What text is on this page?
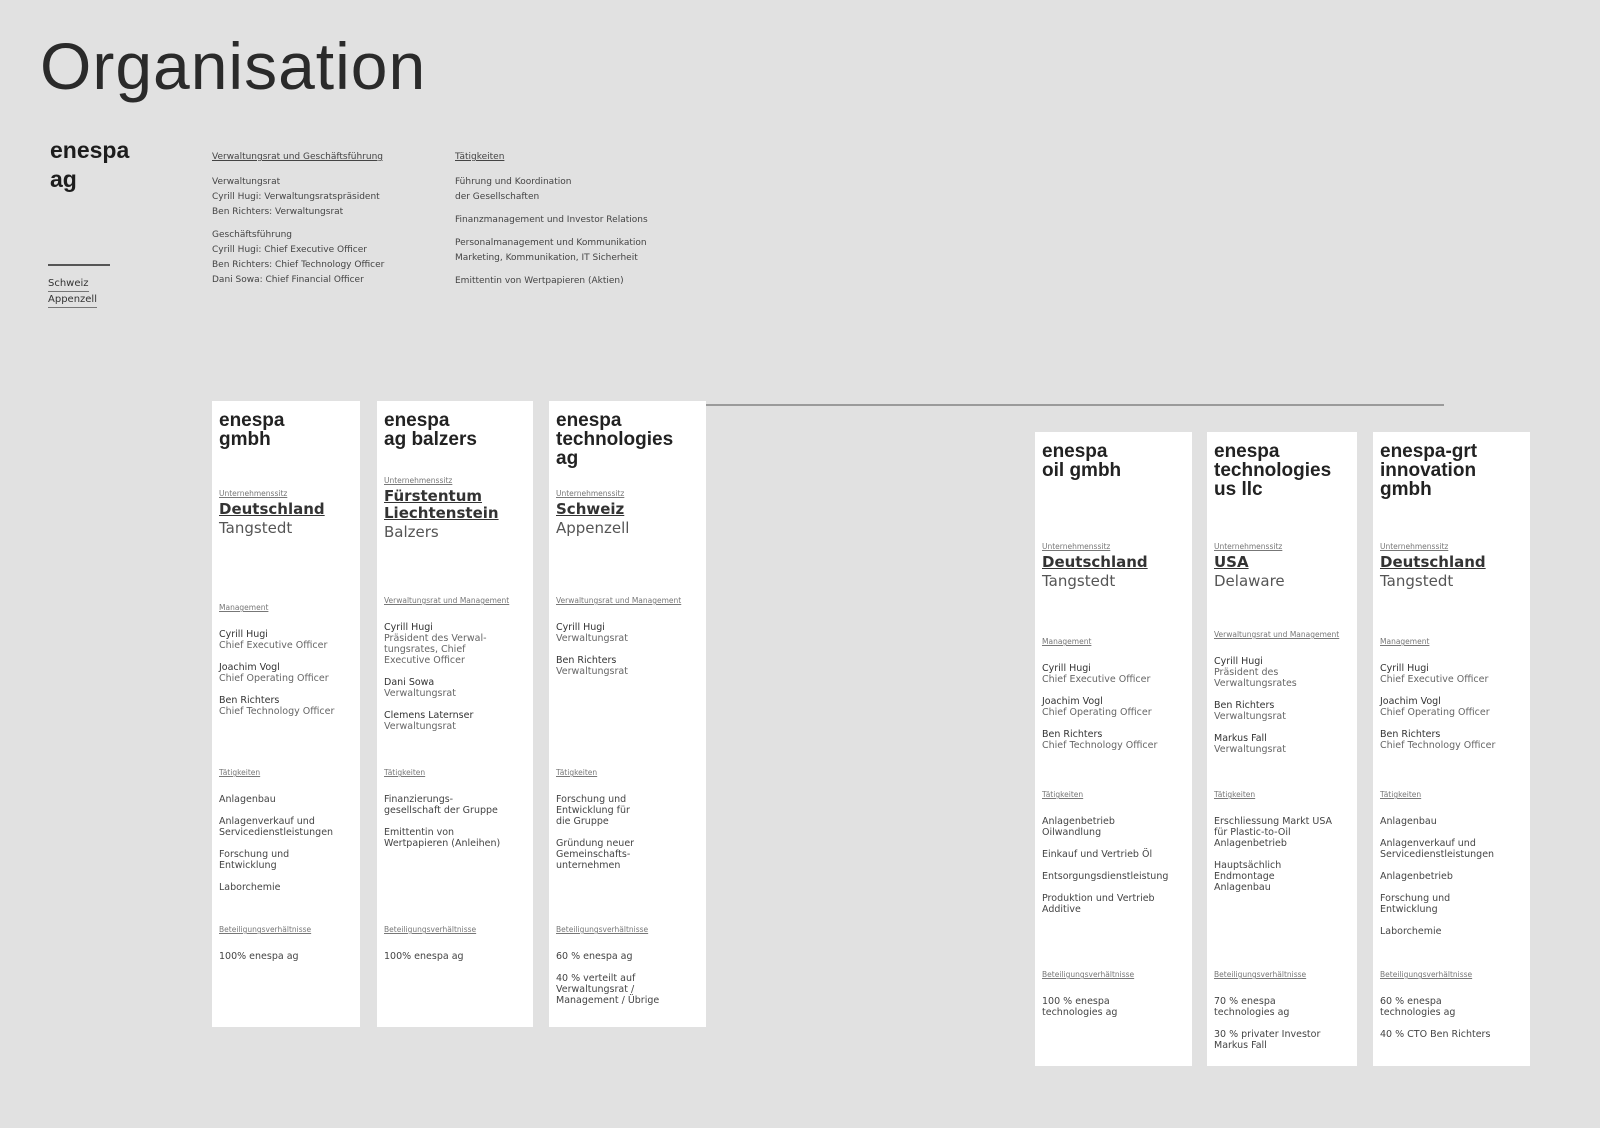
Organisation
enespa
ag
Schweiz
Appenzell
Verwaltungsrat und Geschäftsführung
Verwaltungsrat
Cyrill Hugi: Verwaltungsratspräsident
Ben Richters: Verwaltungsrat
Geschäftsführung
Cyrill Hugi: Chief Executive Officer
Ben Richters: Chief Technology Officer
Dani Sowa: Chief Financial Officer
Tätigkeiten
Führung und Koordination
der Gesellschaften
Finanzmanagement und Investor Relations
Personalmanagement und Kommunikation
Marketing, Kommunikation, IT Sicherheit
Emittentin von Wertpapieren (Aktien)
enespa
gmbh
Unternehmenssitz
Deutschland
Tangstedt
Management
Cyrill Hugi
Chief Executive Officer
Joachim Vogl
Chief Operating Officer
Ben Richters
Chief Technology Officer
Tätigkeiten
Anlagenbau
Anlagenverkauf und
Servicedienstleistungen
Forschung und
Entwicklung
Laborchemie
Beteiligungsverhältnisse
100% enespa ag
enespa
ag balzers
Unternehmenssitz
Fürstentum Liechtenstein
Balzers
Verwaltungsrat und Management
Cyrill Hugi
Präsident des Verwal-
tungsrates, Chief
Executive Officer
Dani Sowa
Verwaltungsrat
Clemens Laternser
Verwaltungsrat
Tätigkeiten
Finanzierungs-
gesellschaft der Gruppe
Emittentin von
Wertpapieren (Anleihen)
Beteiligungsverhältnisse
100% enespa ag
enespa
technologies
ag
Unternehmenssitz
Schweiz
Appenzell
Verwaltungsrat und Management
Cyrill Hugi
Verwaltungsrat
Ben Richters
Verwaltungsrat
Tätigkeiten
Forschung und
Entwicklung für
die Gruppe
Gründung neuer
Gemeinschafts-
unternehmen
Beteiligungsverhältnisse
60 % enespa ag
40 % verteilt auf
Verwaltungsrat /
Management / Übrige
enespa
oil gmbh
Unternehmenssitz
Deutschland
Tangstedt
Management
Cyrill Hugi
Chief Executive Officer
Joachim Vogl
Chief Operating Officer
Ben Richters
Chief Technology Officer
Tätigkeiten
Anlagenbetrieb
Oilwandlung
Einkauf und Vertrieb Öl
Entsorgungsdienstleistung
Produktion und Vertrieb
Additive
Beteiligungsverhältnisse
100 % enespa
technologies ag
enespa
technologies
us llc
Unternehmenssitz
USA
Delaware
Verwaltungsrat und Management
Cyrill Hugi
Präsident des
Verwaltungsrates
Ben Richters
Verwaltungsrat
Markus Fall
Verwaltungsrat
Tätigkeiten
Erschliessung Markt USA
für Plastic-to-Oil
Anlagenbetrieb
Hauptsächlich
Endmontage
Anlagenbau
Beteiligungsverhältnisse
70 % enespa
technologies ag
30 % privater Investor
Markus Fall
enespa-grt
innovation
gmbh
Unternehmenssitz
Deutschland
Tangstedt
Management
Cyrill Hugi
Chief Executive Officer
Joachim Vogl
Chief Operating Officer
Ben Richters
Chief Technology Officer
Tätigkeiten
Anlagenbau
Anlagenverkauf und
Servicedienstleistungen
Anlagenbetrieb
Forschung und
Entwicklung
Laborchemie
Beteiligungsverhältnisse
60 % enespa
technologies ag
40 % CTO Ben Richters
